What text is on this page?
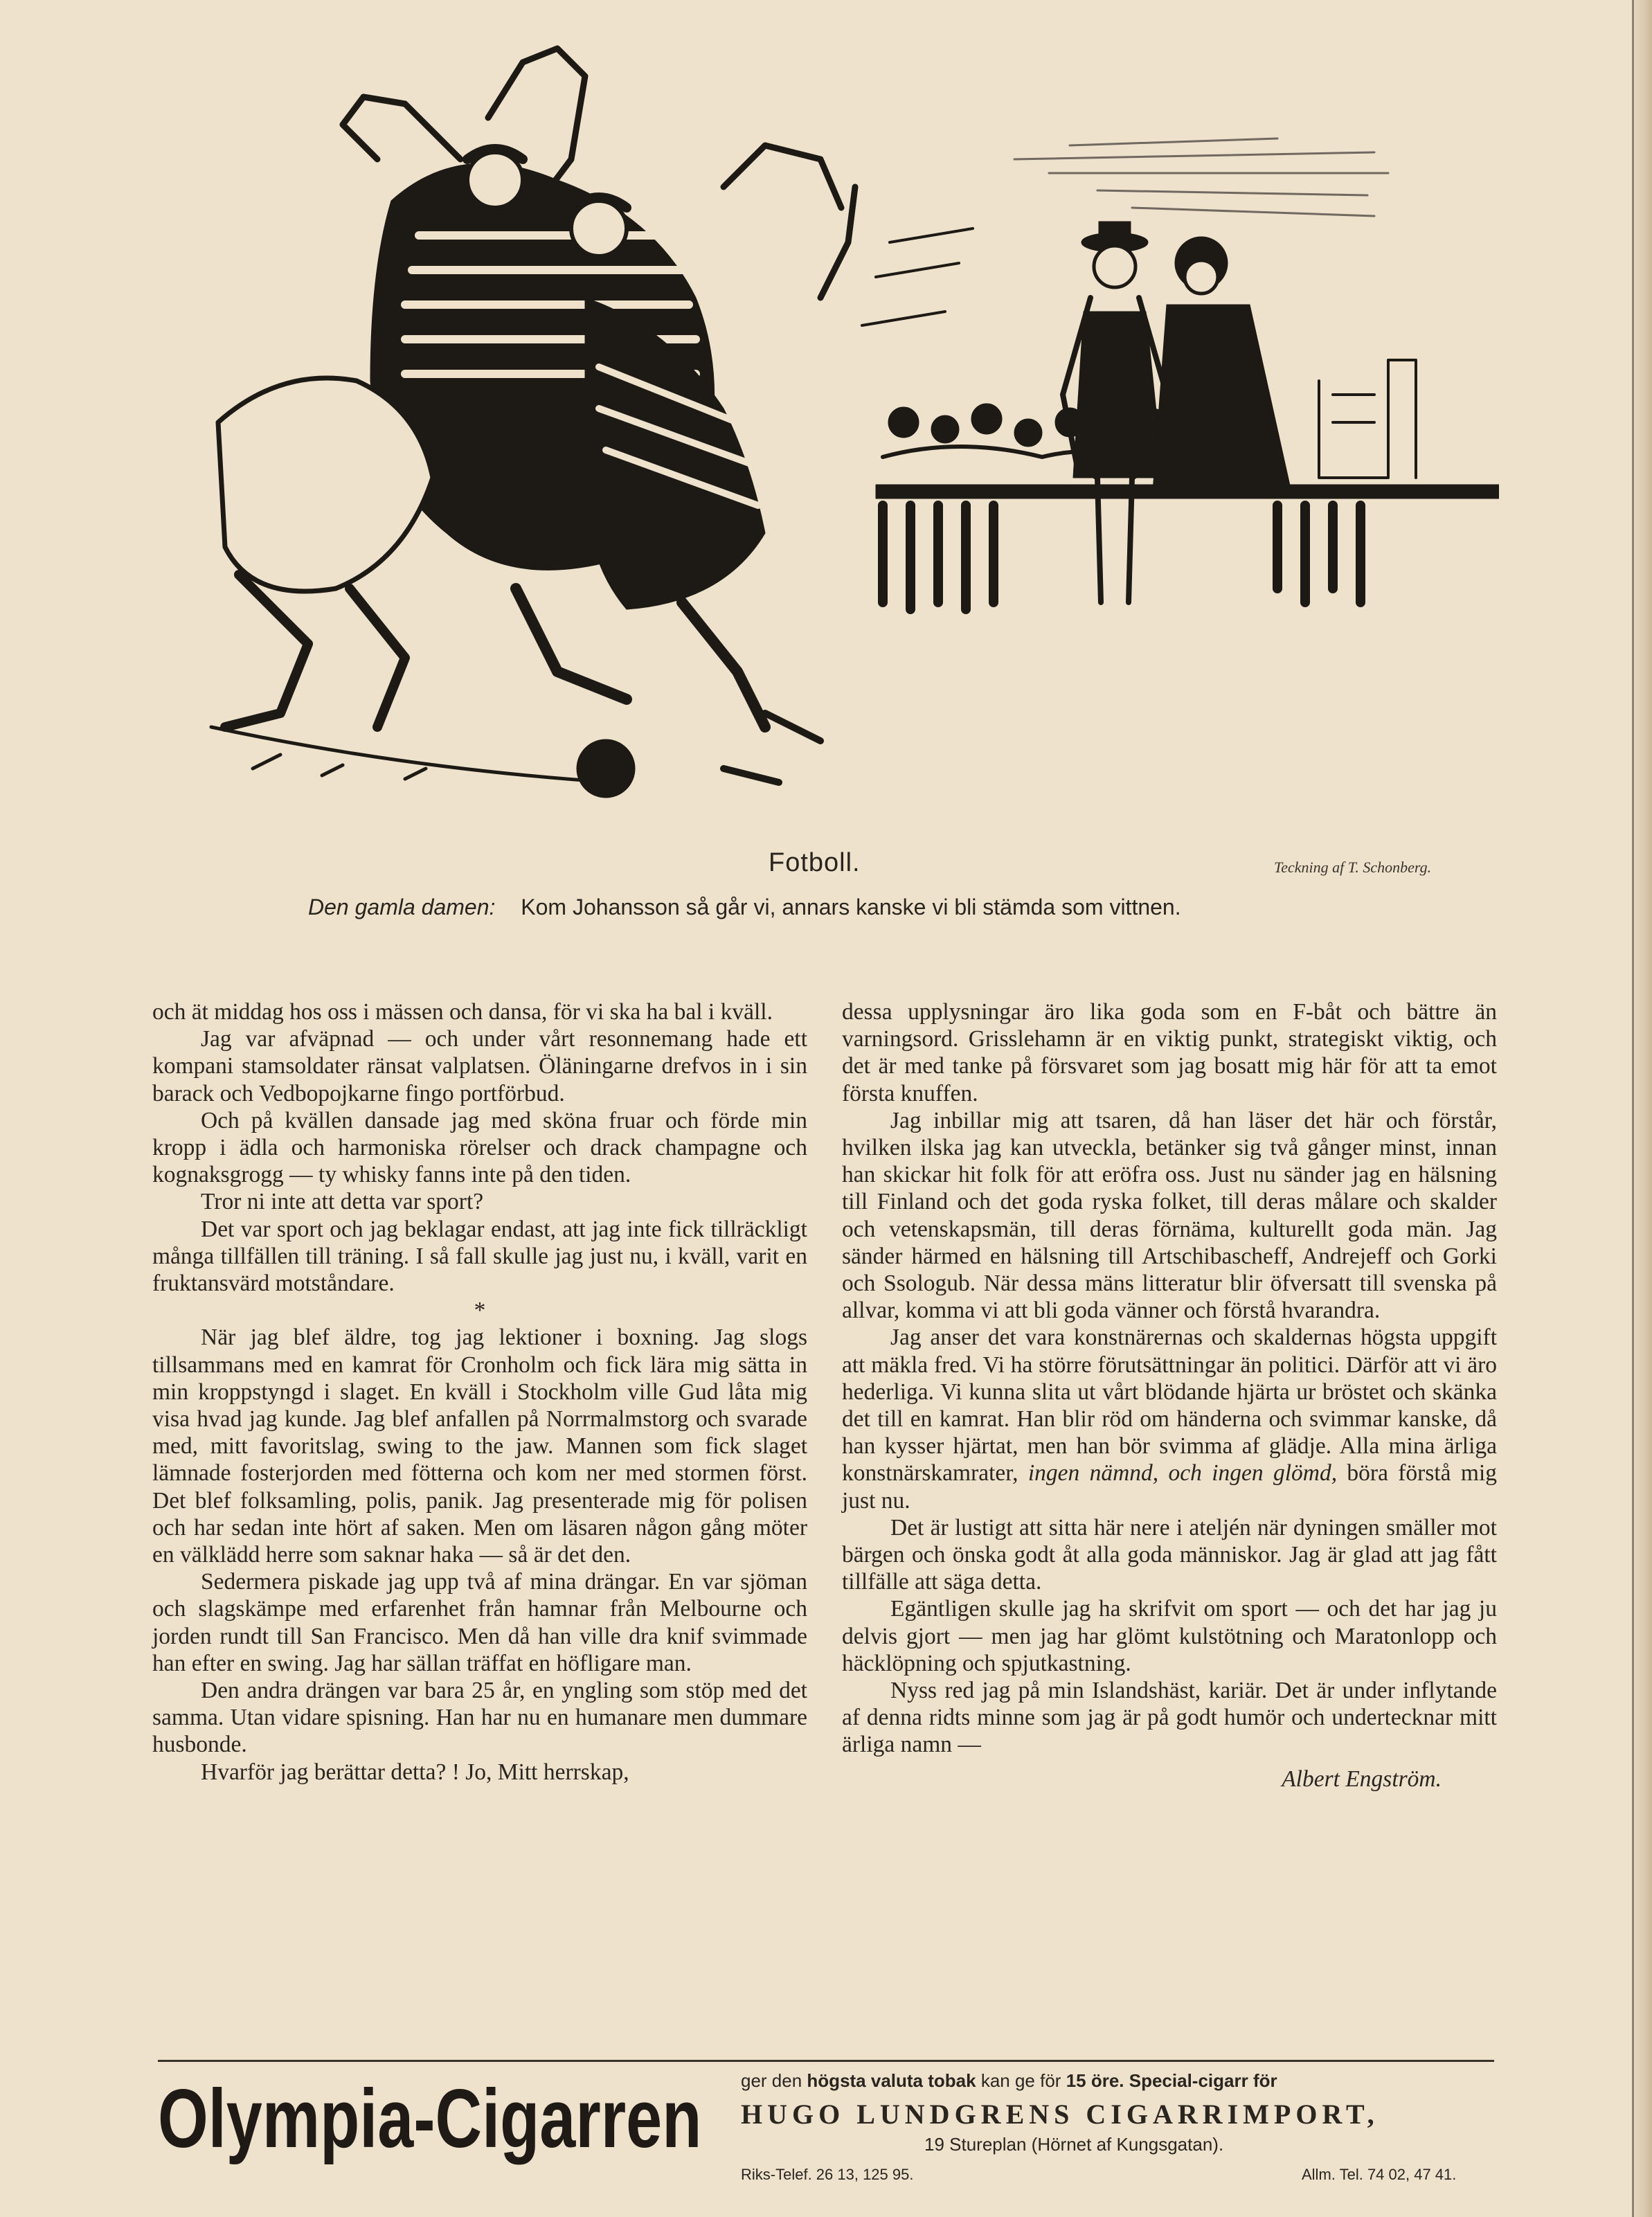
Fotboll.	Teckning af T. Schonberg.
Den gamla damen: Kom Johansson så går vi, annars kanske vi bli stämda som vittnen.

och ät middag hos oss i mässen och dansa, för vi ska ha bal i kväll.

Jag var afväpnad — och under vårt resonnemang hade ett kompani stamsoldater ränsat valplatsen. Öläningarne drefvos in i sin barack och Vedbopojkarne fingo portförbud.

Och på kvällen dansade jag med sköna fruar och förde min kropp i ädla och harmoniska rörelser och drack champagne och kognaksgrogg — ty whisky fanns inte på den tiden.

Tror ni inte att detta var sport?

Det var sport och jag beklagar endast, att jag inte fick tillräckligt många tillfällen till träning. I så fall skulle jag just nu, i kväll, varit en fruktansvärd motståndare.

*

När jag blef äldre, tog jag lektioner i boxning. Jag slogs tillsammans med en kamrat för Cronholm och fick lära mig sätta in min kroppstyngd i slaget. En kväll i Stockholm ville Gud låta mig visa hvad jag kunde. Jag blef anfallen på Norrmalmstorg och svarade med, mitt favoritslag, swing to the jaw. Mannen som fick slaget lämnade fosterjorden med fötterna och kom ner med stormen först. Det blef folksamling, polis, panik. Jag presenterade mig för polisen och har sedan inte hört af saken. Men om läsaren någon gång möter en välklädd herre som saknar haka — så är det den.

Sedermera piskade jag upp två af mina drängar. En var sjöman och slagskämpe med erfarenhet från hamnar från Melbourne och jorden rundt till San Francisco. Men då han ville dra knif svimmade han efter en swing. Jag har sällan träffat en höfligare man.

Den andra drängen var bara 25 år, en yngling som stöp med det samma. Utan vidare spisning. Han har nu en humanare men dummare husbonde.

Hvarför jag berättar detta? ! Jo, Mitt herrskap,

dessa upplysningar äro lika goda som en F-båt och bättre än varningsord. Grisslehamn är en viktig punkt, strategiskt viktig, och det är med tanke på försvaret som jag bosatt mig här för att ta emot första knuffen.

Jag inbillar mig att tsaren, då han läser det här och förstår, hvilken ilska jag kan utveckla, betänker sig två gånger minst, innan han skickar hit folk för att eröfra oss. Just nu sänder jag en hälsning till Finland och det goda ryska folket, till deras målare och skalder och vetenskapsmän, till deras förnäma, kulturellt goda män. Jag sänder härmed en hälsning till Artschibascheff, Andrejeff och Gorki och Ssologub. När dessa mäns litteratur blir öfversatt till svenska på allvar, komma vi att bli goda vänner och förstå hvarandra.

Jag anser det vara konstnärernas och skaldernas högsta uppgift att mäkla fred. Vi ha större förutsättningar än politici. Därför att vi äro hederliga. Vi kunna slita ut vårt blödande hjärta ur bröstet och skänka det till en kamrat. Han blir röd om händerna och svimmar kanske, då han kysser hjärtat, men han bör svimma af glädje. Alla mina ärliga konstnärskamrater, ingen nämnd, och ingen glömd, böra förstå mig just nu.

Det är lustigt att sitta här nere i ateljén när dyningen smäller mot bärgen och önska godt åt alla goda människor. Jag är glad att jag fått tillfälle att säga detta.

Egäntligen skulle jag ha skrifvit om sport — och det har jag ju delvis gjort — men jag har glömt kulstötning och Maratonlopp och häcklöpning och spjutkastning.

Nyss red jag på min Islandshäst, kariär. Det är under inflytande af denna ridts minne som jag är på godt humör och undertecknar mitt ärliga namn —

Albert Engström.

Olympia-Cigarren ger den högsta valuta tobak kan ge för 15 öre. Special-cigarr för
HUGO LUNDGRENS CIGARRIMPORT,
19 Stureplan (Hörnet af Kungsgatan).
Riks-Telef. 26 13, 125 95.	Allm. Tel. 74 02, 47 41.
